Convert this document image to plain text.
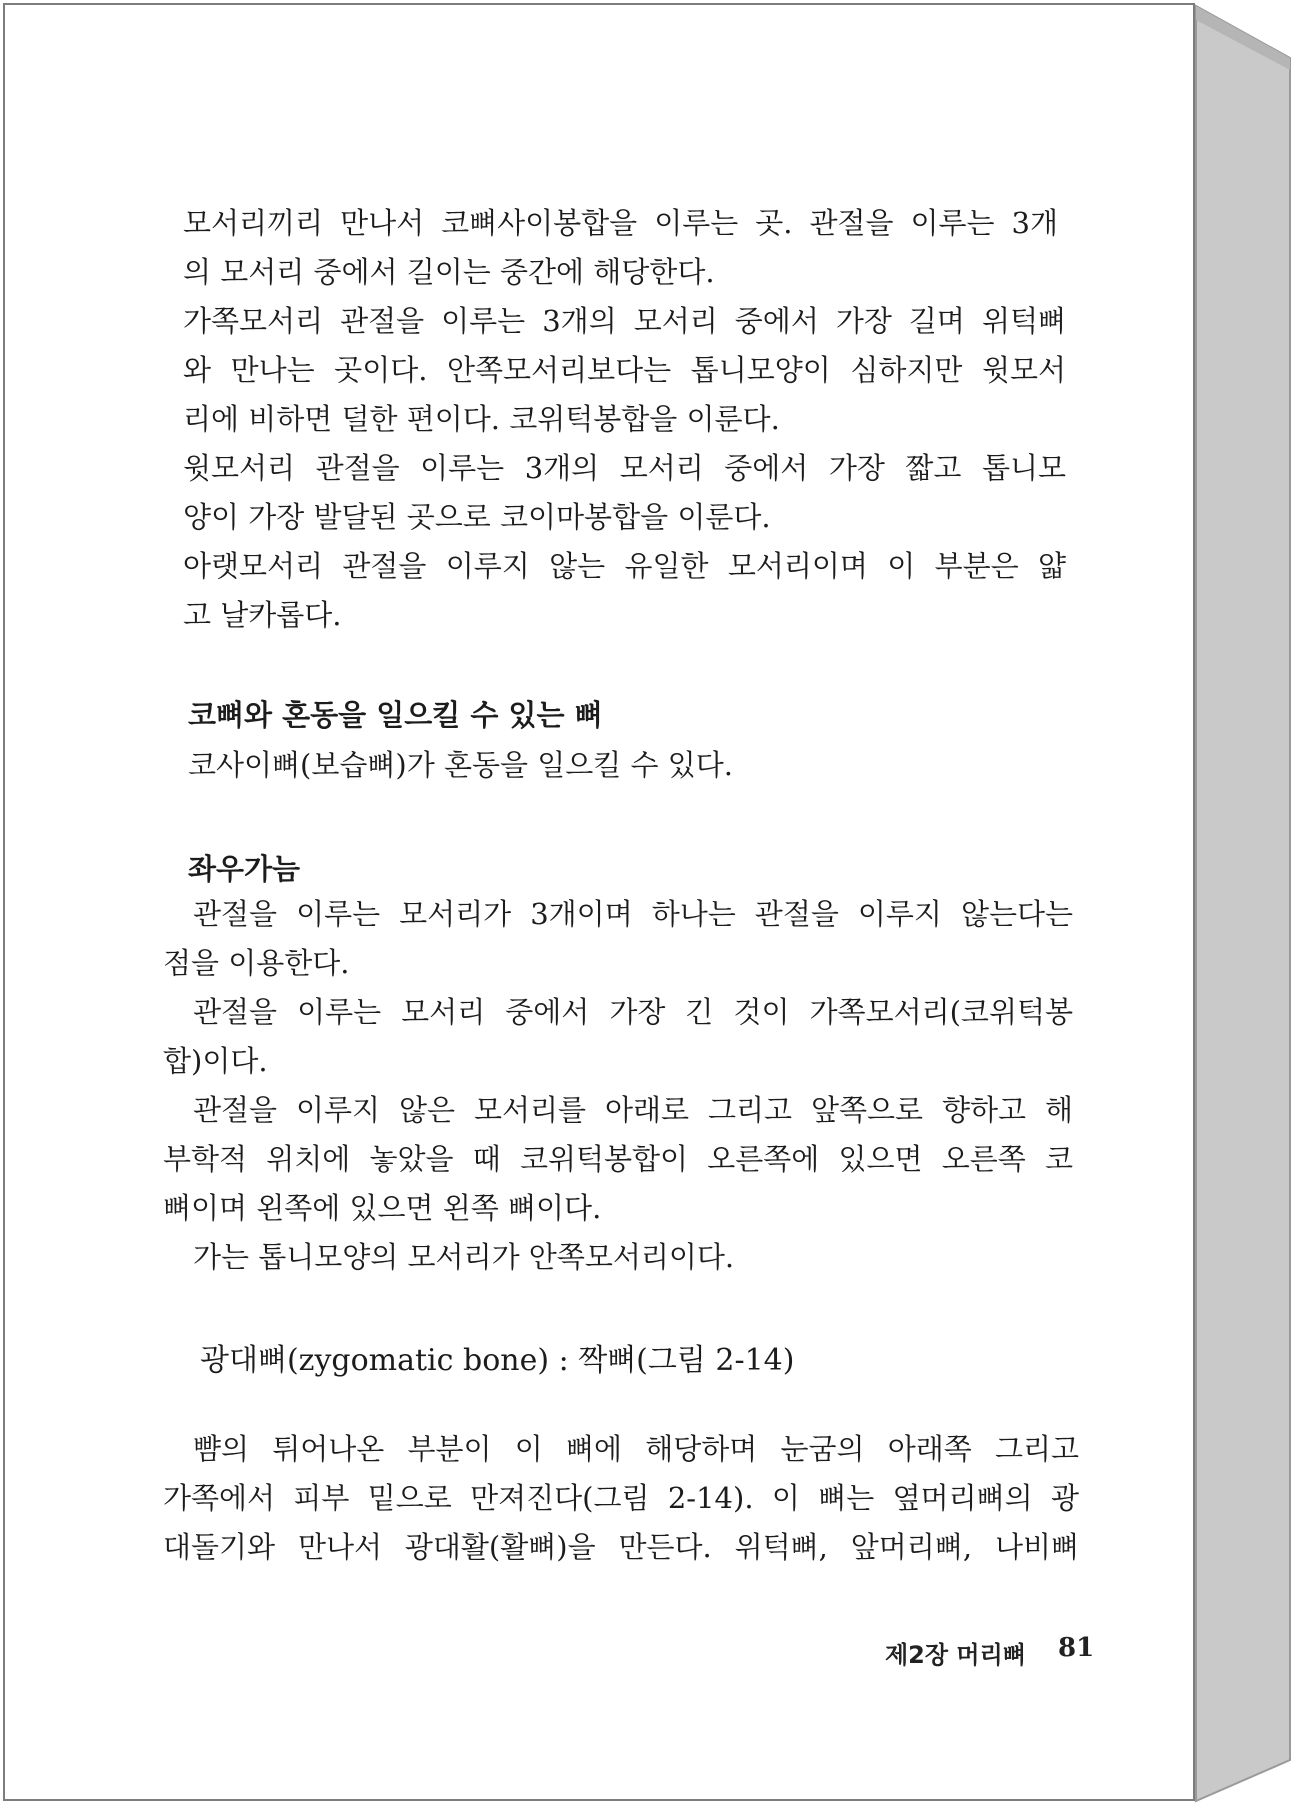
모서리끼리 만나서 코뼈사이봉합을 이루는 곳. 관절을 이루는 3개
의 모서리 중에서 길이는 중간에 해당한다.
가쪽모서리 관절을 이루는 3개의 모서리 중에서 가장 길며 위턱뼈
와 만나는 곳이다. 안쪽모서리보다는 톱니모양이 심하지만 윗모서
리에 비하면 덜한 편이다. 코위턱봉합을 이룬다.
윗모서리 관절을 이루는 3개의 모서리 중에서 가장 짧고 톱니모
양이 가장 발달된 곳으로 코이마봉합을 이룬다.
아랫모서리 관절을 이루지 않는 유일한 모서리이며 이 부분은 얇
고 날카롭다.
코뼈와 혼동을 일으킬 수 있는 뼈
코사이뼈(보습뼈)가 혼동을 일으킬 수 있다.
좌우가늠
관절을 이루는 모서리가 3개이며 하나는 관절을 이루지 않는다는
점을 이용한다.
관절을 이루는 모서리 중에서 가장 긴 것이 가쪽모서리(코위턱봉
합)이다.
관절을 이루지 않은 모서리를 아래로 그리고 앞쪽으로 향하고 해
부학적 위치에 놓았을 때 코위턱봉합이 오른쪽에 있으면 오른쪽 코
뼈이며 왼쪽에 있으면 왼쪽 뼈이다.
가는 톱니모양의 모서리가 안쪽모서리이다.
광대뼈(zygomatic bone) : 짝뼈(그림 2-14)
뺨의 튀어나온 부분이 이 뼈에 해당하며 눈굼의 아래쪽 그리고
가쪽에서 피부 밑으로 만져진다(그림 2-14). 이 뼈는 옆머리뼈의 광
대돌기와 만나서 광대활(활뼈)을 만든다. 위턱뼈, 앞머리뼈, 나비뼈
제2장 머리뼈 81
